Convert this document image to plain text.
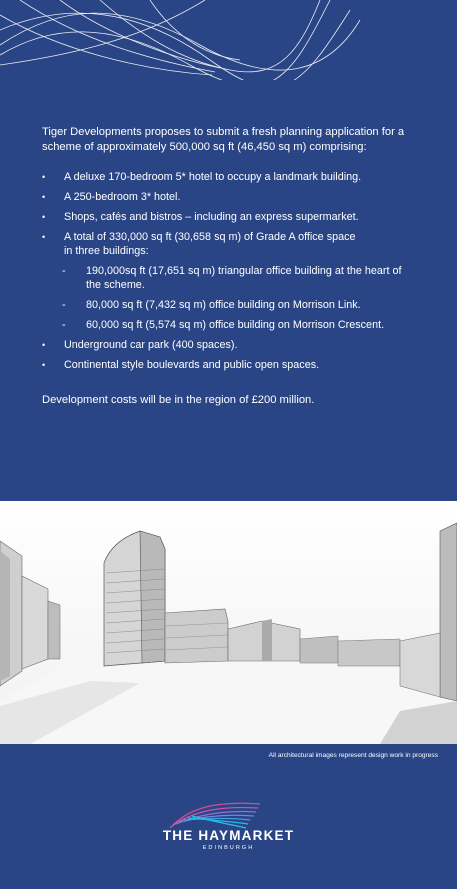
Tiger Developments proposes to submit a fresh planning application for a scheme of approximately 500,000 sq ft (46,450 sq m) comprising:

• A deluxe 170-bedroom 5* hotel to occupy a landmark building.
• A 250-bedroom 3* hotel.
• Shops, cafés and bistros – including an express supermarket.
• A total of 330,000 sq ft (30,658 sq m) of Grade A office space in three buildings:
- 190,000sq ft (17,651 sq m) triangular office building at the heart of the scheme.
- 80,000 sq ft (7,432 sq m) office building on Morrison Link.
- 60,000 sq ft (5,574 sq m) office building on Morrison Crescent.
• Underground car park (400 spaces).
• Continental style boulevards and public open spaces.

Development costs will be in the region of £200 million.

All architectural images represent design work in progress

THE HAYMARKET

EDINBURGH
